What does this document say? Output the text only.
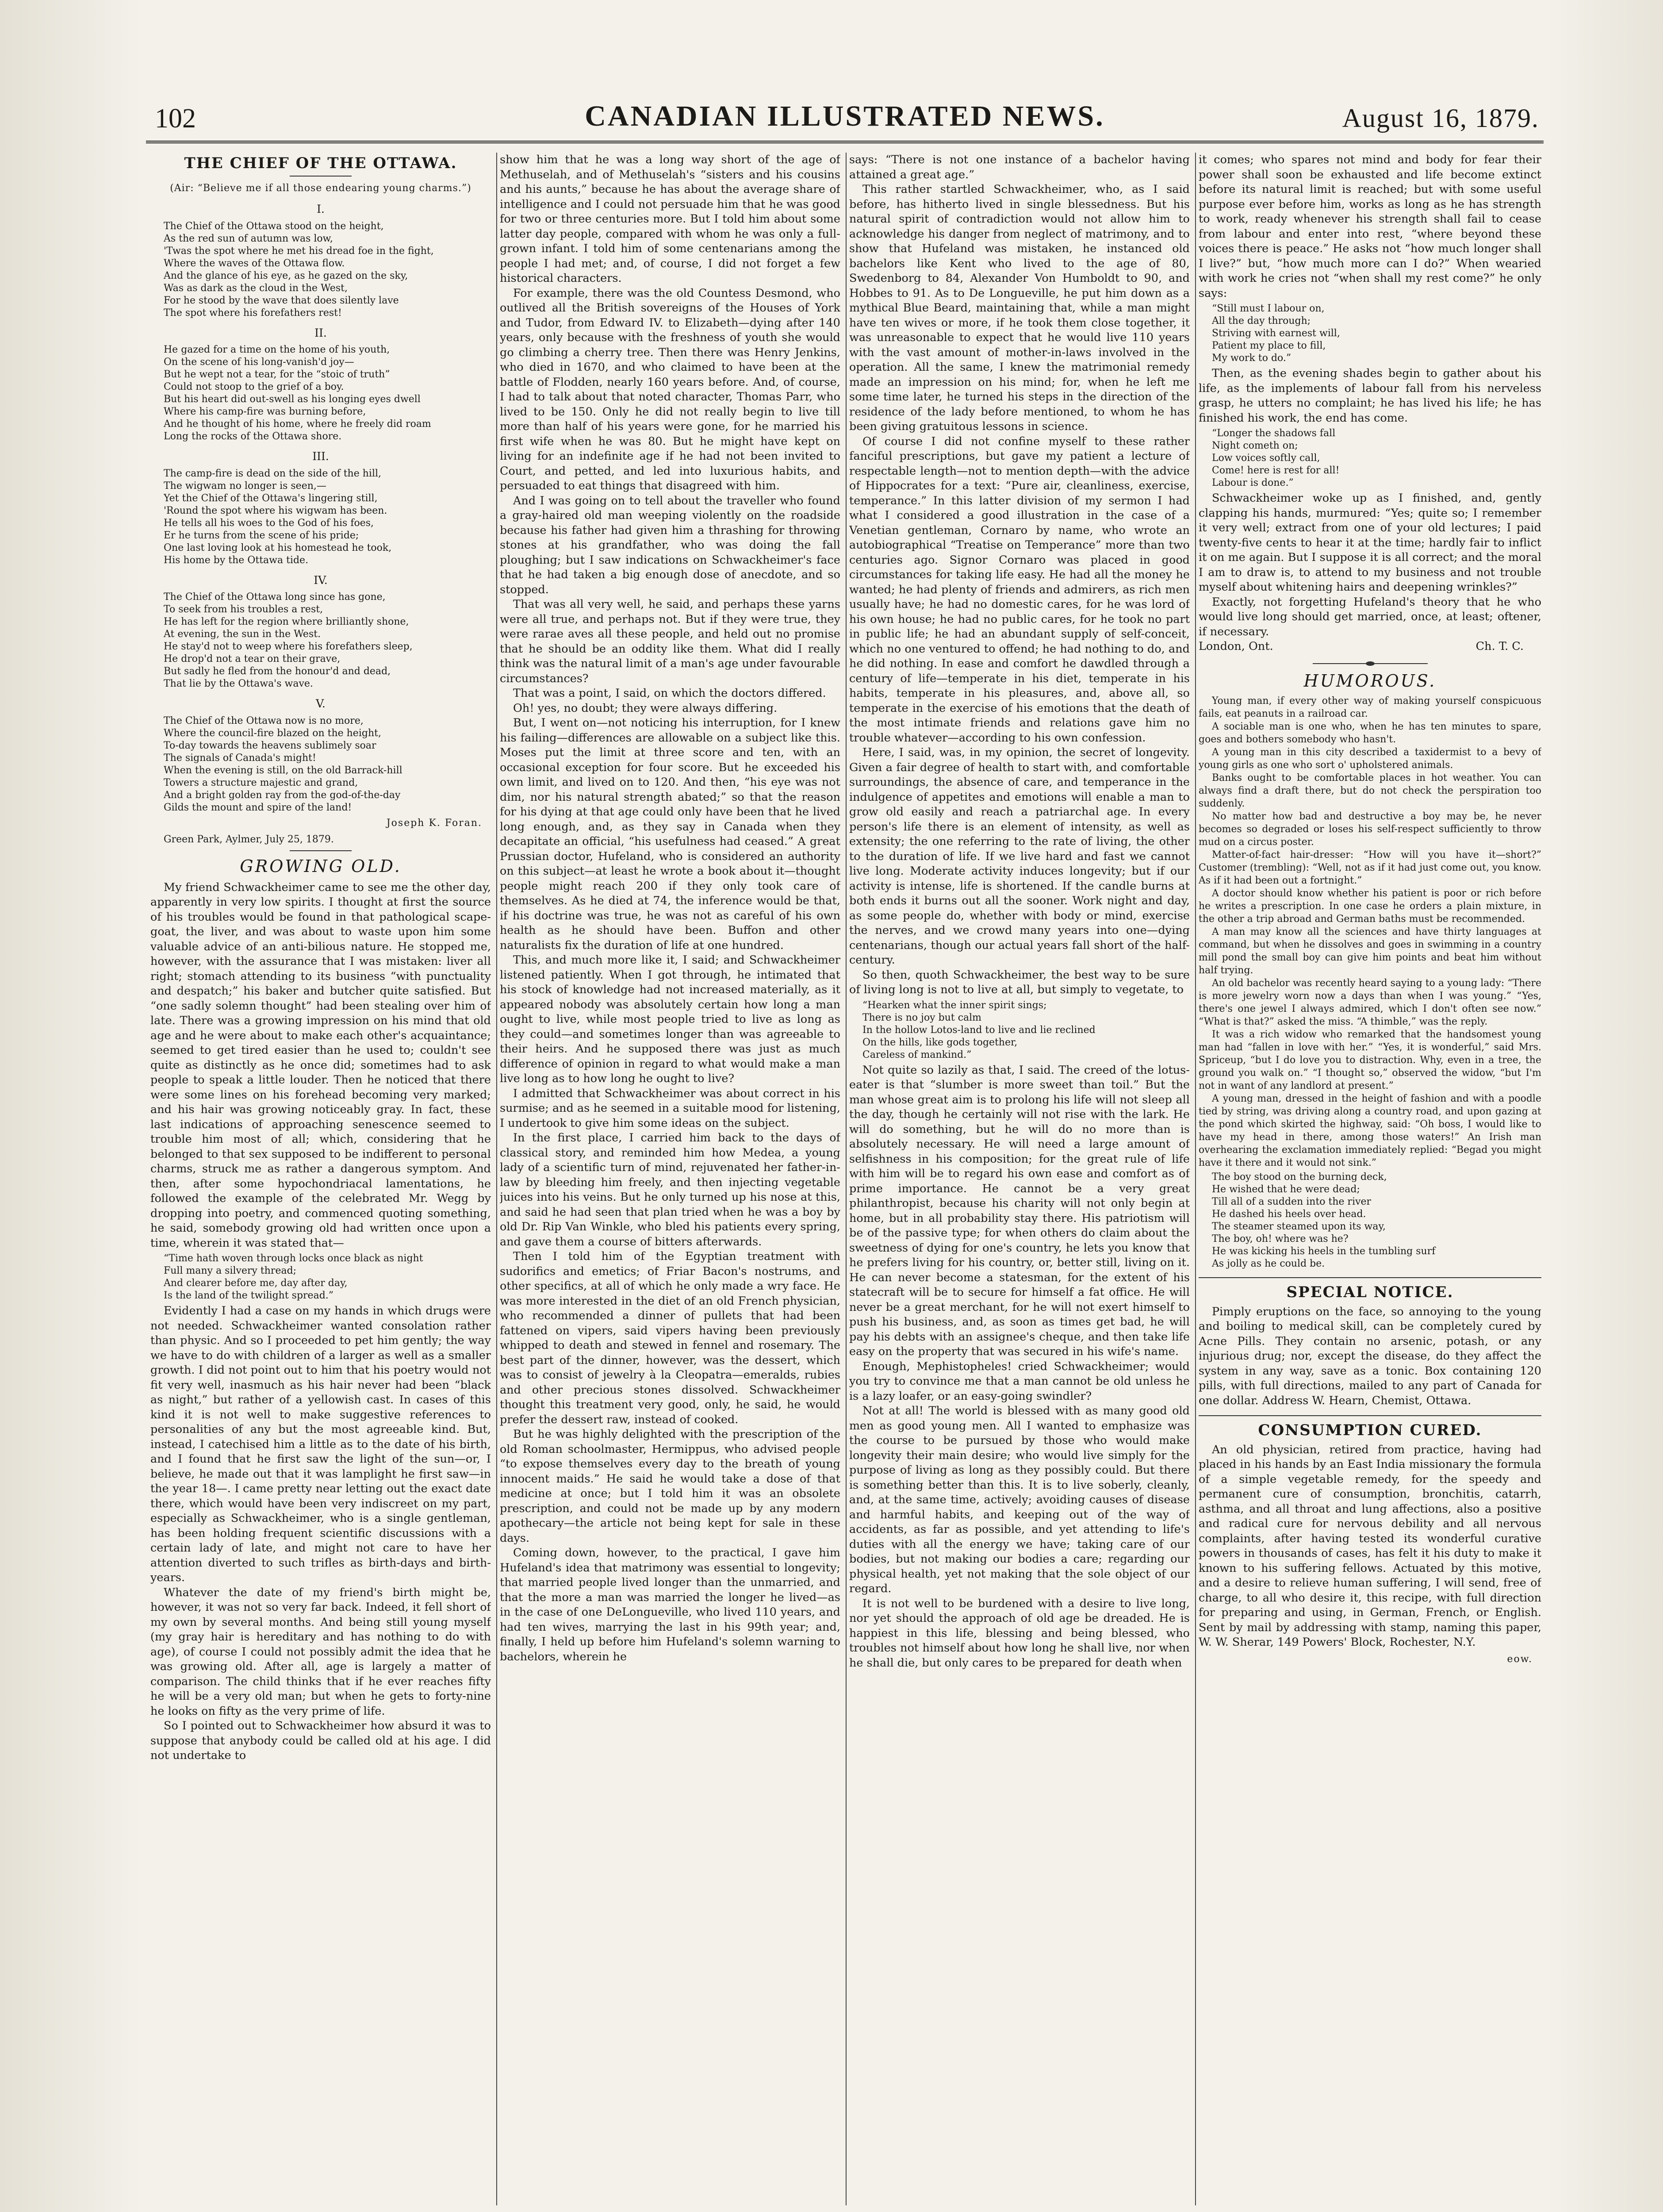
102	CANADIAN ILLUSTRATED NEWS.	August 16, 1879.
THE CHIEF OF THE OTTAWA.
(Air: “Believe me if all those endearing young charms.”)
I.
The Chief of the Ottawa stood on the height,
As the red sun of autumn was low,
'Twas the spot where he met his dread foe in the fight,
Where the waves of the Ottawa flow.
And the glance of his eye, as he gazed on the sky,
Was as dark as the cloud in the West,
For he stood by the wave that does silently lave
The spot where his forefathers rest!
II.
He gazed for a time on the home of his youth,
On the scene of his long-vanish'd joy—
But he wept not a tear, for the “stoic of truth”
Could not stoop to the grief of a boy.
But his heart did out-swell as his longing eyes dwell
Where his camp-fire was burning before,
And he thought of his home, where he freely did roam
Long the rocks of the Ottawa shore.
III.
The camp-fire is dead on the side of the hill,
The wigwam no longer is seen,—
Yet the Chief of the Ottawa's lingering still,
'Round the spot where his wigwam has been.
He tells all his woes to the God of his foes,
Er he turns from the scene of his pride;
One last loving look at his homestead he took,
His home by the Ottawa tide.
IV.
The Chief of the Ottawa long since has gone,
To seek from his troubles a rest,
He has left for the region where brilliantly shone,
At evening, the sun in the West.
He stay'd not to weep where his forefathers sleep,
He drop'd not a tear on their grave,
But sadly he fled from the honour'd and dead,
That lie by the Ottawa's wave.
V.
The Chief of the Ottawa now is no more,
Where the council-fire blazed on the height,
To-day towards the heavens sublimely soar
The signals of Canada's might!
When the evening is still, on the old Barrack-hill
Towers a structure majestic and grand,
And a bright golden ray from the god-of-the-day
Gilds the mount and spire of the land!
Joseph K. Foran.

Green Park, Aylmer, July 25, 1879.

GROWING OLD.

My friend Schwackheimer came to see me the other day, apparently in very low spirits. I thought at first the source of his troubles would be found in that pathological scape-goat, the liver, and was about to waste upon him some valuable advice of an anti-bilious nature. He stopped me, however, with the assurance that I was mistaken: liver all right; stomach attending to its business “with punctuality and despatch;” his baker and butcher quite satisfied. But “one sadly solemn thought” had been stealing over him of late. There was a growing impression on his mind that old age and he were about to make each other's acquaintance; seemed to get tired easier than he used to; couldn't see quite as distinctly as he once did; sometimes had to ask people to speak a little louder. Then he noticed that there were some lines on his forehead becoming very marked; and his hair was growing noticeably gray. In fact, these last indications of approaching senescence seemed to trouble him most of all; which, considering that he belonged to that sex supposed to be indifferent to personal charms, struck me as rather a dangerous symptom. And then, after some hypochondriacal lamentations, he followed the example of the celebrated Mr. Wegg by dropping into poetry, and commenced quoting something, he said, somebody growing old had written once upon a time, wherein it was stated that—

“Time hath woven through locks once black as night
Full many a silvery thread;
And clearer before me, day after day,
Is the land of the twilight spread.”

Evidently I had a case on my hands in which drugs were not needed. Schwackheimer wanted consolation rather than physic. And so I proceeded to pet him gently; the way we have to do with children of a larger as well as a smaller growth. I did not point out to him that his poetry would not fit very well, inasmuch as his hair never had been “black as night,” but rather of a yellowish cast. In cases of this kind it is not well to make suggestive references to personalities of any but the most agreeable kind. But, instead, I catechised him a little as to the date of his birth, and I found that he first saw the light of the sun—or, I believe, he made out that it was lamplight he first saw—in the year 18—. I came pretty near letting out the exact date there, which would have been very indiscreet on my part, especially as Schwackheimer, who is a single gentleman, has been holding frequent scientific discussions with a certain lady of late, and might not care to have her attention diverted to such trifles as birth-days and birth-years.

Whatever the date of my friend's birth might be, however, it was not so very far back. Indeed, it fell short of my own by several months. And being still young myself (my gray hair is hereditary and has nothing to do with age), of course I could not possibly admit the idea that he was growing old. After all, age is largely a matter of comparison. The child thinks that if he ever reaches fifty he will be a very old man; but when he gets to forty-nine he looks on fifty as the very prime of life.

So I pointed out to Schwackheimer how absurd it was to suppose that anybody could be called old at his age. I did not undertake to

show him that he was a long way short of the age of Methuselah, and of Methuselah's “sisters and his cousins and his aunts,” because he has about the average share of intelligence and I could not persuade him that he was good for two or three centuries more. But I told him about some latter day people, compared with whom he was only a full-grown infant. I told him of some centenarians among the people I had met; and, of course, I did not forget a few historical characters.

For example, there was the old Countess Desmond, who outlived all the British sovereigns of the Houses of York and Tudor, from Edward IV. to Elizabeth—dying after 140 years, only because with the freshness of youth she would go climbing a cherry tree. Then there was Henry Jenkins, who died in 1670, and who claimed to have been at the battle of Flodden, nearly 160 years before. And, of course, I had to talk about that noted character, Thomas Parr, who lived to be 150. Only he did not really begin to live till more than half of his years were gone, for he married his first wife when he was 80. But he might have kept on living for an indefinite age if he had not been invited to Court, and petted, and led into luxurious habits, and persuaded to eat things that disagreed with him.

And I was going on to tell about the traveller who found a gray-haired old man weeping violently on the roadside because his father had given him a thrashing for throwing stones at his grandfather, who was doing the fall ploughing; but I saw indications on Schwackheimer's face that he had taken a big enough dose of anecdote, and so stopped.

That was all very well, he said, and perhaps these yarns were all true, and perhaps not. But if they were true, they were rarae aves all these people, and held out no promise that he should be an oddity like them. What did I really think was the natural limit of a man's age under favourable circumstances?

That was a point, I said, on which the doctors differed.

Oh! yes, no doubt; they were always differing.

But, I went on—not noticing his interruption, for I knew his failing—differences are allowable on a subject like this. Moses put the limit at three score and ten, with an occasional exception for four score. But he exceeded his own limit, and lived on to 120. And then, “his eye was not dim, nor his natural strength abated;” so that the reason for his dying at that age could only have been that he lived long enough, and, as they say in Canada when they decapitate an official, “his usefulness had ceased.” A great Prussian doctor, Hufeland, who is considered an authority on this subject—at least he wrote a book about it—thought people might reach 200 if they only took care of themselves. As he died at 74, the inference would be that, if his doctrine was true, he was not as careful of his own health as he should have been. Buffon and other naturalists fix the duration of life at one hundred.

This, and much more like it, I said; and Schwackheimer listened patiently. When I got through, he intimated that his stock of knowledge had not increased materially, as it appeared nobody was absolutely certain how long a man ought to live, while most people tried to live as long as they could—and sometimes longer than was agreeable to their heirs. And he supposed there was just as much difference of opinion in regard to what would make a man live long as to how long he ought to live?

I admitted that Schwackheimer was about correct in his surmise; and as he seemed in a suitable mood for listening, I undertook to give him some ideas on the subject.

In the first place, I carried him back to the days of classical story, and reminded him how Medea, a young lady of a scientific turn of mind, rejuvenated her father-in-law by bleeding him freely, and then injecting vegetable juices into his veins. But he only turned up his nose at this, and said he had seen that plan tried when he was a boy by old Dr. Rip Van Winkle, who bled his patients every spring, and gave them a course of bitters afterwards.

Then I told him of the Egyptian treatment with sudorifics and emetics; of Friar Bacon's nostrums, and other specifics, at all of which he only made a wry face. He was more interested in the diet of an old French physician, who recommended a dinner of pullets that had been fattened on vipers, said vipers having been previously whipped to death and stewed in fennel and rosemary. The best part of the dinner, however, was the dessert, which was to consist of jewelry à la Cleopatra—emeralds, rubies and other precious stones dissolved. Schwackheimer thought this treatment very good, only, he said, he would prefer the dessert raw, instead of cooked.

But he was highly delighted with the prescription of the old Roman schoolmaster, Hermippus, who advised people “to expose themselves every day to the breath of young innocent maids.” He said he would take a dose of that medicine at once; but I told him it was an obsolete prescription, and could not be made up by any modern apothecary—the article not being kept for sale in these days.

Coming down, however, to the practical, I gave him Hufeland's idea that matrimony was essential to longevity; that married people lived longer than the unmarried, and that the more a man was married the longer he lived—as in the case of one DeLongueville, who lived 110 years, and had ten wives, marrying the last in his 99th year; and, finally, I held up before him Hufeland's solemn warning to bachelors, wherein he

says: “There is not one instance of a bachelor having attained a great age.”

This rather startled Schwackheimer, who, as I said before, has hitherto lived in single blessedness. But his natural spirit of contradiction would not allow him to acknowledge his danger from neglect of matrimony, and to show that Hufeland was mistaken, he instanced old bachelors like Kent who lived to the age of 80, Swedenborg to 84, Alexander Von Humboldt to 90, and Hobbes to 91. As to De Longueville, he put him down as a mythical Blue Beard, maintaining that, while a man might have ten wives or more, if he took them close together, it was unreasonable to expect that he would live 110 years with the vast amount of mother-in-laws involved in the operation. All the same, I knew the matrimonial remedy made an impression on his mind; for, when he left me some time later, he turned his steps in the direction of the residence of the lady before mentioned, to whom he has been giving gratuitous lessons in science.

Of course I did not confine myself to these rather fanciful prescriptions, but gave my patient a lecture of respectable length—not to mention depth—with the advice of Hippocrates for a text: “Pure air, cleanliness, exercise, temperance.” In this latter division of my sermon I had what I considered a good illustration in the case of a Venetian gentleman, Cornaro by name, who wrote an autobiographical “Treatise on Temperance” more than two centuries ago. Signor Cornaro was placed in good circumstances for taking life easy. He had all the money he wanted; he had plenty of friends and admirers, as rich men usually have; he had no domestic cares, for he was lord of his own house; he had no public cares, for he took no part in public life; he had an abundant supply of self-conceit, which no one ventured to offend; he had nothing to do, and he did nothing. In ease and comfort he dawdled through a century of life—temperate in his diet, temperate in his habits, temperate in his pleasures, and, above all, so temperate in the exercise of his emotions that the death of the most intimate friends and relations gave him no trouble whatever—according to his own confession.

Here, I said, was, in my opinion, the secret of longevity. Given a fair degree of health to start with, and comfortable surroundings, the absence of care, and temperance in the indulgence of appetites and emotions will enable a man to grow old easily and reach a patriarchal age. In every person's life there is an element of intensity, as well as extensity; the one referring to the rate of living, the other to the duration of life. If we live hard and fast we cannot live long. Moderate activity induces longevity; but if our activity is intense, life is shortened. If the candle burns at both ends it burns out all the sooner. Work night and day, as some people do, whether with body or mind, exercise the nerves, and we crowd many years into one—dying centenarians, though our actual years fall short of the half-century.

So then, quoth Schwackheimer, the best way to be sure of living long is not to live at all, but simply to vegetate, to

“Hearken what the inner spirit sings;
There is no joy but calm
In the hollow Lotos-land to live and lie reclined
On the hills, like gods together,
Careless of mankind.”

Not quite so lazily as that, I said. The creed of the lotus-eater is that “slumber is more sweet than toil.” But the man whose great aim is to prolong his life will not sleep all the day, though he certainly will not rise with the lark. He will do something, but he will do no more than is absolutely necessary. He will need a large amount of selfishness in his composition; for the great rule of life with him will be to regard his own ease and comfort as of prime importance. He cannot be a very great philanthropist, because his charity will not only begin at home, but in all probability stay there. His patriotism will be of the passive type; for when others do claim about the sweetness of dying for one's country, he lets you know that he prefers living for his country, or, better still, living on it. He can never become a statesman, for the extent of his statecraft will be to secure for himself a fat office. He will never be a great merchant, for he will not exert himself to push his business, and, as soon as times get bad, he will pay his debts with an assignee's cheque, and then take life easy on the property that was secured in his wife's name.

Enough, Mephistopheles! cried Schwackheimer; would you try to convince me that a man cannot be old unless he is a lazy loafer, or an easy-going swindler?

Not at all! The world is blessed with as many good old men as good young men. All I wanted to emphasize was the course to be pursued by those who would make longevity their main desire; who would live simply for the purpose of living as long as they possibly could. But there is something better than this. It is to live soberly, cleanly, and, at the same time, actively; avoiding causes of disease and harmful habits, and keeping out of the way of accidents, as far as possible, and yet attending to life's duties with all the energy we have; taking care of our bodies, but not making our bodies a care; regarding our physical health, yet not making that the sole object of our regard.

It is not well to be burdened with a desire to live long, nor yet should the approach of old age be dreaded. He is happiest in this life, blessing and being blessed, who troubles not himself about how long he shall live, nor when he shall die, but only cares to be prepared for death when

it comes; who spares not mind and body for fear their power shall soon be exhausted and life become extinct before its natural limit is reached; but with some useful purpose ever before him, works as long as he has strength to work, ready whenever his strength shall fail to cease from labour and enter into rest, “where beyond these voices there is peace.” He asks not “how much longer shall I live?” but, “how much more can I do?” When wearied with work he cries not “when shall my rest come?” he only says:

“Still must I labour on,
All the day through;
Striving with earnest will,
Patient my place to fill,
My work to do.”

Then, as the evening shades begin to gather about his life, as the implements of labour fall from his nerveless grasp, he utters no complaint; he has lived his life; he has finished his work, the end has come.

“Longer the shadows fall
Night cometh on;
Low voices softly call,
Come! here is rest for all!
Labour is done.”

Schwackheimer woke up as I finished, and, gently clapping his hands, murmured: “Yes; quite so; I remember it very well; extract from one of your old lectures; I paid twenty-five cents to hear it at the time; hardly fair to inflict it on me again. But I suppose it is all correct; and the moral I am to draw is, to attend to my business and not trouble myself about whitening hairs and deepening wrinkles?”

Exactly, not forgetting Hufeland's theory that he who would live long should get married, once, at least; oftener, if necessary.

London, Ont.	Ch. T. C.

HUMOROUS.

Young man, if every other way of making yourself conspicuous fails, eat peanuts in a railroad car.

A sociable man is one who, when he has ten minutes to spare, goes and bothers somebody who hasn't.

A young man in this city described a taxidermist to a bevy of young girls as one who sort o' upholstered animals.

Banks ought to be comfortable places in hot weather. You can always find a draft there, but do not check the perspiration too suddenly.

No matter how bad and destructive a boy may be, he never becomes so degraded or loses his self-respect sufficiently to throw mud on a circus poster.

Matter-of-fact hair-dresser: “How will you have it—short?” Customer (trembling): “Well, not as if it had just come out, you know. As if it had been out a fortnight.”

A doctor should know whether his patient is poor or rich before he writes a prescription. In one case he orders a plain mixture, in the other a trip abroad and German baths must be recommended.

A man may know all the sciences and have thirty languages at command, but when he dissolves and goes in swimming in a country mill pond the small boy can give him points and beat him without half trying.

An old bachelor was recently heard saying to a young lady: “There is more jewelry worn now a days than when I was young.” “Yes, there's one jewel I always admired, which I don't often see now.” “What is that?” asked the miss. “A thimble,” was the reply.

It was a rich widow who remarked that the handsomest young man had “fallen in love with her.” “Yes, it is wonderful,” said Mrs. Spriceup, “but I do love you to distraction. Why, even in a tree, the ground you walk on.” “I thought so,” observed the widow, “but I'm not in want of any landlord at present.”

A young man, dressed in the height of fashion and with a poodle tied by string, was driving along a country road, and upon gazing at the pond which skirted the highway, said: “Oh boss, I would like to have my head in there, among those waters!” An Irish man overhearing the exclamation immediately replied: “Begad you might have it there and it would not sink.”

The boy stood on the burning deck,
He wished that he were dead;
Till all of a sudden into the river
He dashed his heels over head.
The steamer steamed upon its way,
The boy, oh! where was he?
He was kicking his heels in the tumbling surf
As jolly as he could be.
SPECIAL NOTICE.

Pimply eruptions on the face, so annoying to the young and boiling to medical skill, can be completely cured by Acne Pills. They contain no arsenic, potash, or any injurious drug; nor, except the disease, do they affect the system in any way, save as a tonic. Box containing 120 pills, with full directions, mailed to any part of Canada for one dollar. Address W. Hearn, Chemist, Ottawa.

CONSUMPTION CURED.

An old physician, retired from practice, having had placed in his hands by an East India missionary the formula of a simple vegetable remedy, for the speedy and permanent cure of consumption, bronchitis, catarrh, asthma, and all throat and lung affections, also a positive and radical cure for nervous debility and all nervous complaints, after having tested its wonderful curative powers in thousands of cases, has felt it his duty to make it known to his suffering fellows. Actuated by this motive, and a desire to relieve human suffering, I will send, free of charge, to all who desire it, this recipe, with full direction for preparing and using, in German, French, or English. Sent by mail by addressing with stamp, naming this paper, W. W. Sherar, 149 Powers' Block, Rochester, N.Y.

eow.
